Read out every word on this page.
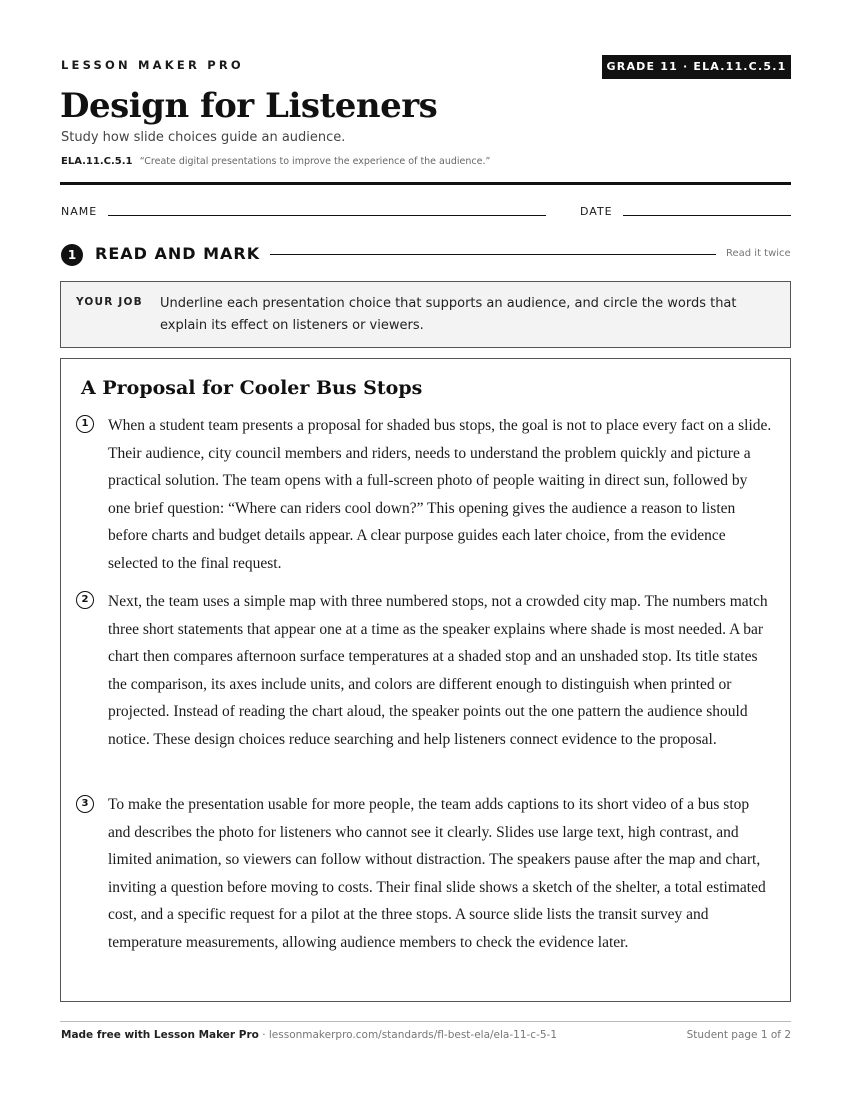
LESSON MAKER PRO	GRADE 11 · ELA.11.C.5.1
Design for Listeners
Study how slide choices guide an audience.
ELA.11.C.5.1 “Create digital presentations to improve the experience of the audience.”
NAME	DATE
1	READ AND MARK	Read it twice
YOUR JOB Underline each presentation choice that supports an audience, and circle the words that explain its effect on listeners or viewers.
A Proposal for Cooler Bus Stops
1	When a student team presents a proposal for shaded bus stops, the goal is not to place every fact on a slide. Their audience, city council members and riders, needs to understand the problem quickly and picture a practical solution. The team opens with a full-screen photo of people waiting in direct sun, followed by one brief question: “Where can riders cool down?” This opening gives the audience a reason to listen before charts and budget details appear. A clear purpose guides each later choice, from the evidence selected to the final request.
2	Next, the team uses a simple map with three numbered stops, not a crowded city map. The numbers match three short statements that appear one at a time as the speaker explains where shade is most needed. A bar chart then compares afternoon surface temperatures at a shaded stop and an unshaded stop. Its title states the comparison, its axes include units, and colors are different enough to distinguish when printed or projected. Instead of reading the chart aloud, the speaker points out the one pattern the audience should notice. These design choices reduce searching and help listeners connect evidence to the proposal.
3	To make the presentation usable for more people, the team adds captions to its short video of a bus stop and describes the photo for listeners who cannot see it clearly. Slides use large text, high contrast, and limited animation, so viewers can follow without distraction. The speakers pause after the map and chart, inviting a question before moving to costs. Their final slide shows a sketch of the shelter, a total estimated cost, and a specific request for a pilot at the three stops. A source slide lists the transit survey and temperature measurements, allowing audience members to check the evidence later.
Made free with Lesson Maker Pro · lessonmakerpro.com/standards/fl-best-ela/ela-11-c-5-1	Student page 1 of 2
